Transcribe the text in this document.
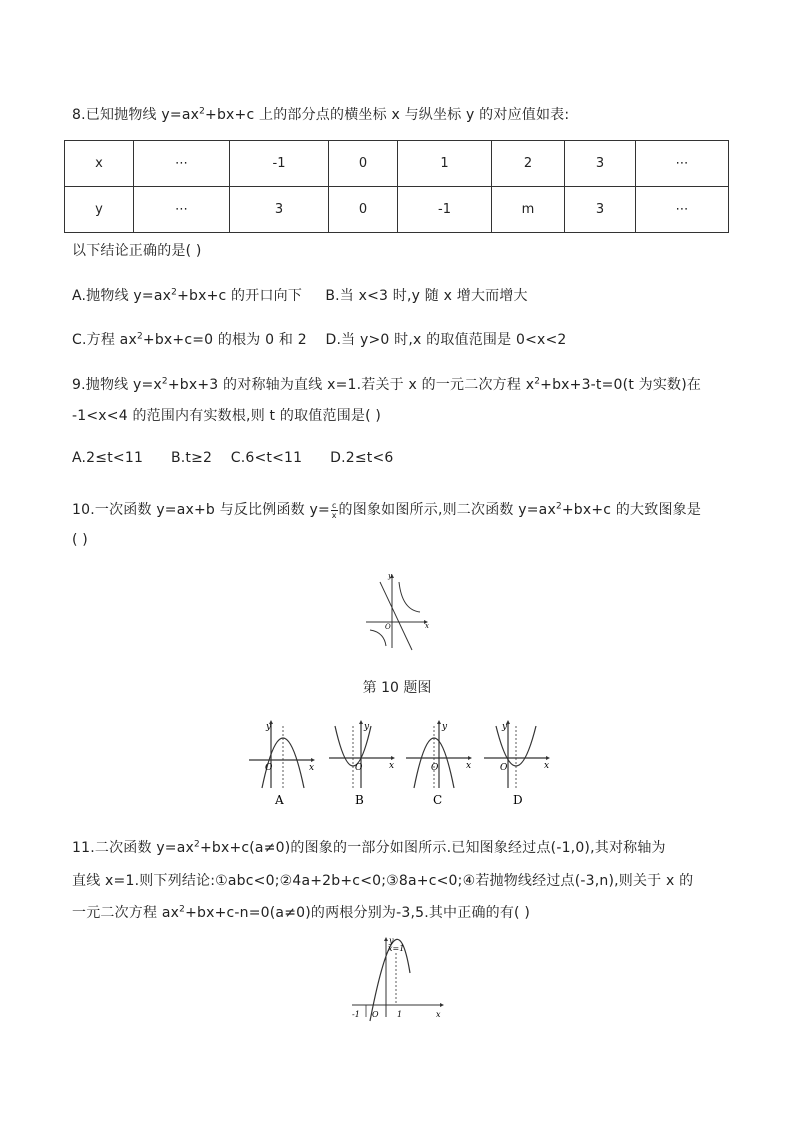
8.已知抛物线 $y=ax^2+bx+c$ 上的部分点的横坐标 x 与纵坐标 y 的对应值如表:
x	⋯	-1	0	1	2	3	⋯
y	⋯	3	0	-1	m	3	⋯
以下结论正确的是( )
A.抛物线 $y=ax^2+bx+c$ 的开口向下 B.当 x<3 时,y 随 x 增大而增大
C.方程 $ax^2+bx+c=0$ 的根为 0 和 2 D.当 y>0 时,x 的取值范围是 0<x<2
9.抛物线 $y=x^2+bx+3$ 的对称轴为直线 x=1.若关于 x 的一元二次方程 $x^2+bx+3-t=0(t$ 为实数)在
-1<x<4 的范围内有实数根,则 t 的取值范围是( )
A.2≤t<11      B.t≥2    C.6<t<11      D.2≤t<6
10.一次函数 y=ax+b 与反比例函数 $y= \frac{c}{x}$ 的图象如图所示,则二次函数 $y=ax^2+bx+c$ 的大致图象是
( )
y
x
O
第 10 题图
y
x
O
A
y
x
O
B
y
x
O
C
y
x
O
D
11.二次函数 $y=ax^2+bx+c(a\ne 0)$的图象的一部分如图所示.已知图象经过点(-1,0),其对称轴为
直线 x=1.则下列结论:①abc<0;②4a+2b+c<0;③8a+c<0;④若抛物线经过点(-3,n),则关于 x 的
一元二次方程 $ax^2+bx+c-n=0(a\ne 0)$的两根分别为-3,5.其中正确的有( )
y
x=1
x
-1 O 1
